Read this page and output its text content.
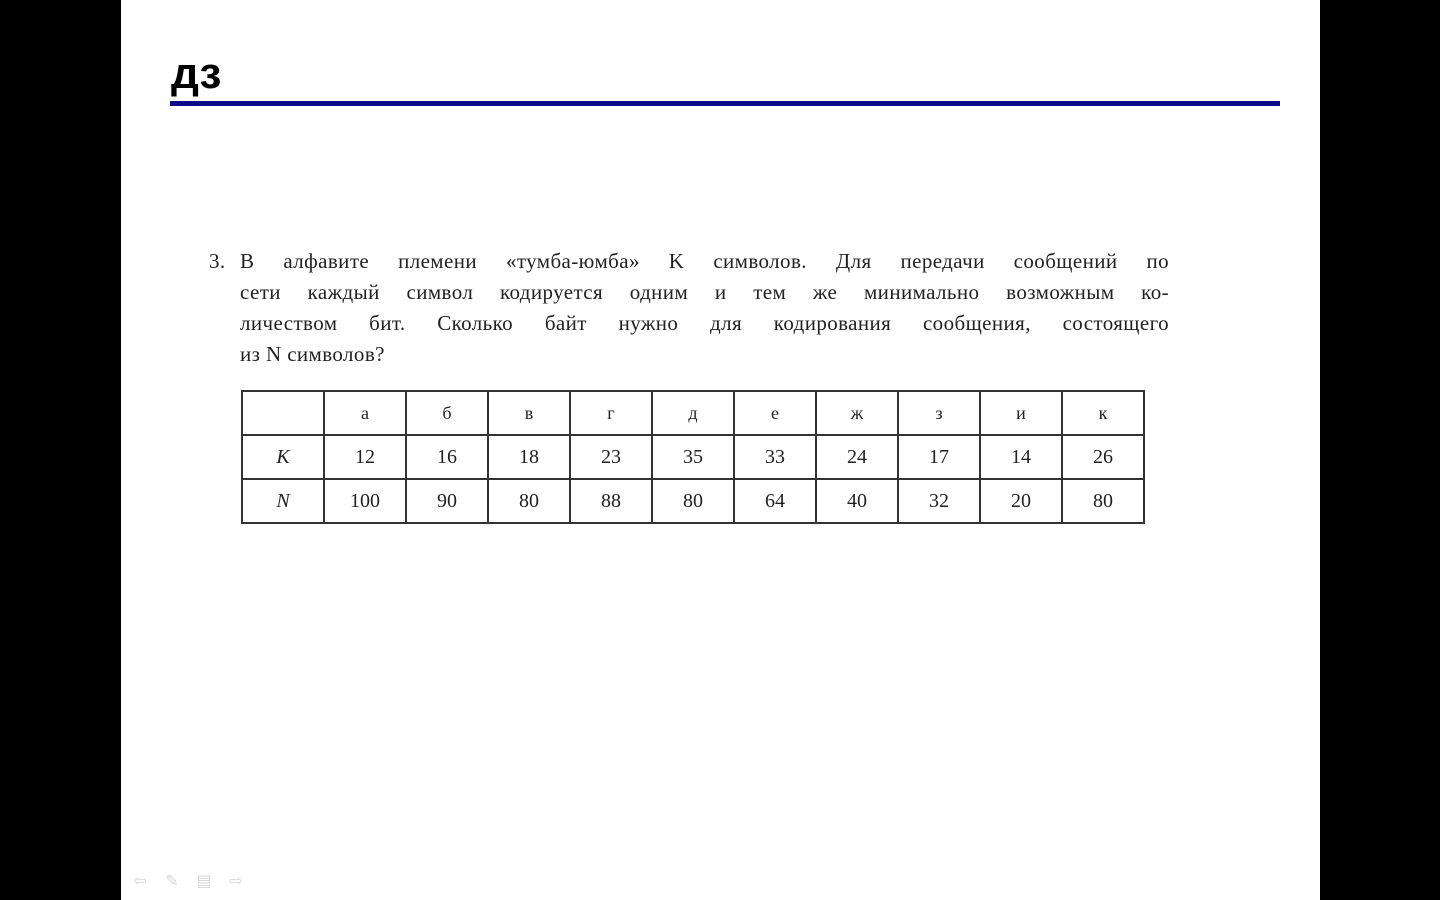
дз
3. В алфавите племени «тумба-юмба» K символов. Для передачи сообщений по
сети каждый символ кодируется одним и тем же минимально возможным ко-
личеством бит. Сколько байт нужно для кодирования сообщения, состоящего
из N символов?
	а	б	в	г	д	е	ж	з	и	к
K	12	16	18	23	35	33	24	17	14	26
N	100	90	80	88	80	64	40	32	20	80
⇦ ✎ ▤ ⇨
